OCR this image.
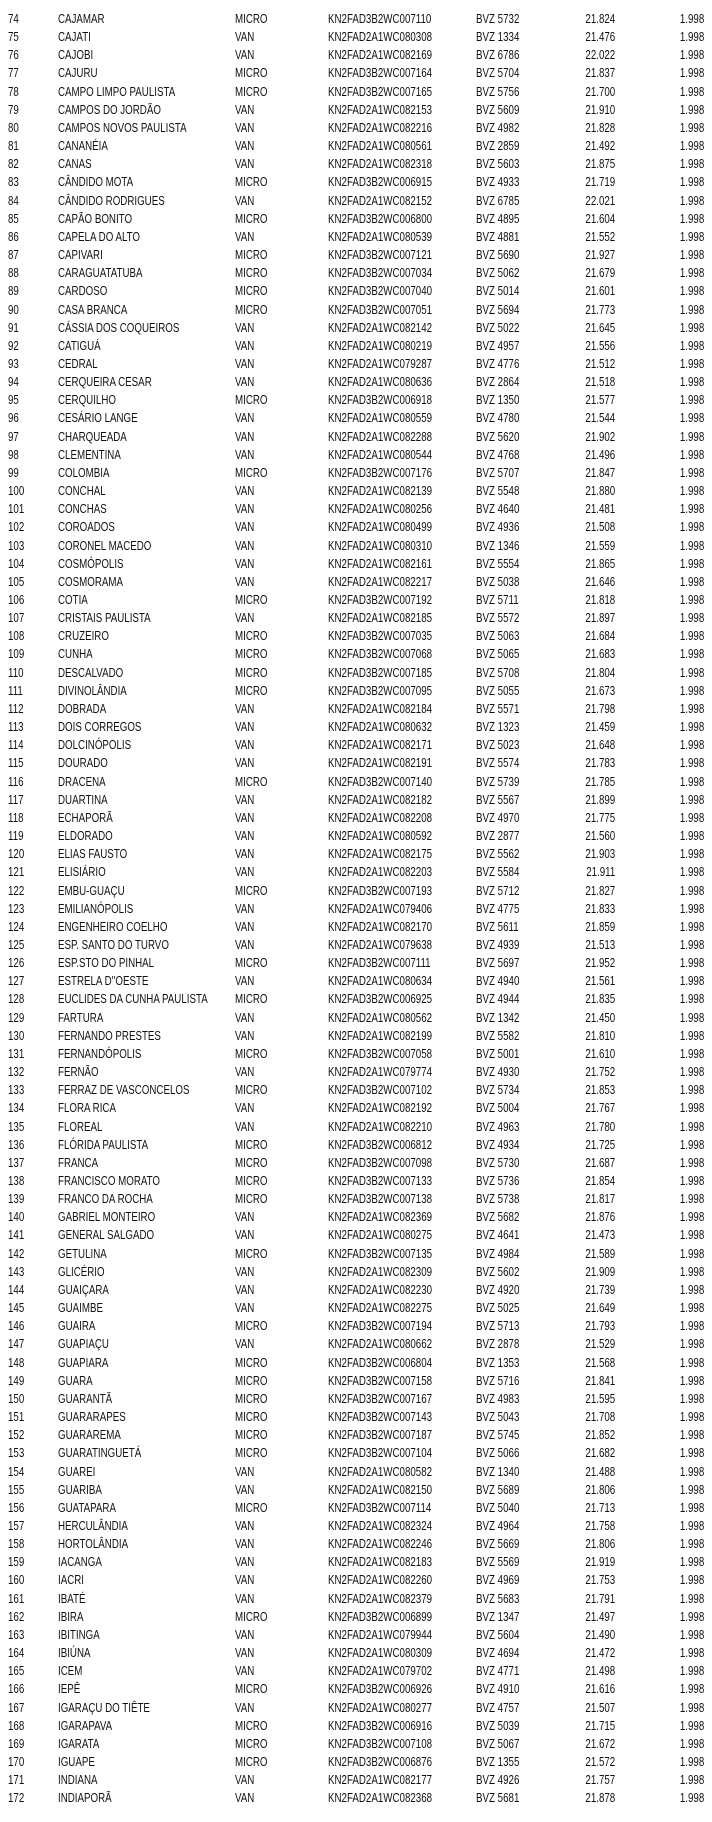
74	CAJAMAR	MICRO	KN2FAD3B2WC007110	BVZ 5732	21.824	1.998
75	CAJATI	VAN	KN2FAD2A1WC080308	BVZ 1334	21.476	1.998
76	CAJOBI	VAN	KN2FAD2A1WC082169	BVZ 6786	22.022	1.998
77	CAJURU	MICRO	KN2FAD3B2WC007164	BVZ 5704	21.837	1.998
78	CAMPO LIMPO PAULISTA	MICRO	KN2FAD3B2WC007165	BVZ 5756	21.700	1.998
79	CAMPOS DO JORDÃO	VAN	KN2FAD2A1WC082153	BVZ 5609	21.910	1.998
80	CAMPOS NOVOS PAULISTA	VAN	KN2FAD2A1WC082216	BVZ 4982	21.828	1.998
81	CANANÉIA	VAN	KN2FAD2A1WC080561	BVZ 2859	21.492	1.998
82	CANAS	VAN	KN2FAD2A1WC082318	BVZ 5603	21.875	1.998
83	CÂNDIDO MOTA	MICRO	KN2FAD3B2WC006915	BVZ 4933	21.719	1.998
84	CÂNDIDO RODRIGUES	VAN	KN2FAD2A1WC082152	BVZ 6785	22.021	1.998
85	CAPÃO BONITO	MICRO	KN2FAD3B2WC006800	BVZ 4895	21.604	1.998
86	CAPELA DO ALTO	VAN	KN2FAD2A1WC080539	BVZ 4881	21.552	1.998
87	CAPIVARI	MICRO	KN2FAD3B2WC007121	BVZ 5690	21.927	1.998
88	CARAGUATATUBA	MICRO	KN2FAD3B2WC007034	BVZ 5062	21.679	1.998
89	CARDOSO	MICRO	KN2FAD3B2WC007040	BVZ 5014	21.601	1.998
90	CASA BRANCA	MICRO	KN2FAD3B2WC007051	BVZ 5694	21.773	1.998
91	CÁSSIA DOS COQUEIROS	VAN	KN2FAD2A1WC082142	BVZ 5022	21.645	1.998
92	CATIGUÁ	VAN	KN2FAD2A1WC080219	BVZ 4957	21.556	1.998
93	CEDRAL	VAN	KN2FAD2A1WC079287	BVZ 4776	21.512	1.998
94	CERQUEIRA CESAR	VAN	KN2FAD2A1WC080636	BVZ 2864	21.518	1.998
95	CERQUILHO	MICRO	KN2FAD3B2WC006918	BVZ 1350	21.577	1.998
96	CESÁRIO LANGE	VAN	KN2FAD2A1WC080559	BVZ 4780	21.544	1.998
97	CHARQUEADA	VAN	KN2FAD2A1WC082288	BVZ 5620	21.902	1.998
98	CLEMENTINA	VAN	KN2FAD2A1WC080544	BVZ 4768	21.496	1.998
99	COLOMBIA	MICRO	KN2FAD3B2WC007176	BVZ 5707	21.847	1.998
100	CONCHAL	VAN	KN2FAD2A1WC082139	BVZ 5548	21.880	1.998
101	CONCHAS	VAN	KN2FAD2A1WC080256	BVZ 4640	21.481	1.998
102	COROADOS	VAN	KN2FAD2A1WC080499	BVZ 4936	21.508	1.998
103	CORONEL MACEDO	VAN	KN2FAD2A1WC080310	BVZ 1346	21.559	1.998
104	COSMÓPOLIS	VAN	KN2FAD2A1WC082161	BVZ 5554	21.865	1.998
105	COSMORAMA	VAN	KN2FAD2A1WC082217	BVZ 5038	21.646	1.998
106	COTIA	MICRO	KN2FAD3B2WC007192	BVZ 5711	21.818	1.998
107	CRISTAIS PAULISTA	VAN	KN2FAD2A1WC082185	BVZ 5572	21.897	1.998
108	CRUZEIRO	MICRO	KN2FAD3B2WC007035	BVZ 5063	21.684	1.998
109	CUNHA	MICRO	KN2FAD3B2WC007068	BVZ 5065	21.683	1.998
110	DESCALVADO	MICRO	KN2FAD3B2WC007185	BVZ 5708	21.804	1.998
111	DIVINOLÂNDIA	MICRO	KN2FAD3B2WC007095	BVZ 5055	21.673	1.998
112	DOBRADA	VAN	KN2FAD2A1WC082184	BVZ 5571	21.798	1.998
113	DOIS CORREGOS	VAN	KN2FAD2A1WC080632	BVZ 1323	21.459	1.998
114	DOLCINÓPOLIS	VAN	KN2FAD2A1WC082171	BVZ 5023	21.648	1.998
115	DOURADO	VAN	KN2FAD2A1WC082191	BVZ 5574	21.783	1.998
116	DRACENA	MICRO	KN2FAD3B2WC007140	BVZ 5739	21.785	1.998
117	DUARTINA	VAN	KN2FAD2A1WC082182	BVZ 5567	21.899	1.998
118	ECHAPORÃ	VAN	KN2FAD2A1WC082208	BVZ 4970	21.775	1.998
119	ELDORADO	VAN	KN2FAD2A1WC080592	BVZ 2877	21.560	1.998
120	ELIAS FAUSTO	VAN	KN2FAD2A1WC082175	BVZ 5562	21.903	1.998
121	ELISIÁRIO	VAN	KN2FAD2A1WC082203	BVZ 5584	21.911	1.998
122	EMBU-GUAÇU	MICRO	KN2FAD3B2WC007193	BVZ 5712	21.827	1.998
123	EMILIANÓPOLIS	VAN	KN2FAD2A1WC079406	BVZ 4775	21.833	1.998
124	ENGENHEIRO COELHO	VAN	KN2FAD2A1WC082170	BVZ 5611	21.859	1.998
125	ESP. SANTO DO TURVO	VAN	KN2FAD2A1WC079638	BVZ 4939	21.513	1.998
126	ESP.STO DO PINHAL	MICRO	KN2FAD3B2WC007111	BVZ 5697	21.952	1.998
127	ESTRELA D''OESTE	VAN	KN2FAD2A1WC080634	BVZ 4940	21.561	1.998
128	EUCLIDES DA CUNHA PAULISTA	MICRO	KN2FAD3B2WC006925	BVZ 4944	21.835	1.998
129	FARTURA	VAN	KN2FAD2A1WC080562	BVZ 1342	21.450	1.998
130	FERNANDO PRESTES	VAN	KN2FAD2A1WC082199	BVZ 5582	21.810	1.998
131	FERNANDÓPOLIS	MICRO	KN2FAD3B2WC007058	BVZ 5001	21.610	1.998
132	FERNÃO	VAN	KN2FAD2A1WC079774	BVZ 4930	21.752	1.998
133	FERRAZ DE VASCONCELOS	MICRO	KN2FAD3B2WC007102	BVZ 5734	21.853	1.998
134	FLORA RICA	VAN	KN2FAD2A1WC082192	BVZ 5004	21.767	1.998
135	FLOREAL	VAN	KN2FAD2A1WC082210	BVZ 4963	21.780	1.998
136	FLÓRIDA PAULISTA	MICRO	KN2FAD3B2WC006812	BVZ 4934	21.725	1.998
137	FRANCA	MICRO	KN2FAD3B2WC007098	BVZ 5730	21.687	1.998
138	FRANCISCO MORATO	MICRO	KN2FAD3B2WC007133	BVZ 5736	21.854	1.998
139	FRANCO DA ROCHA	MICRO	KN2FAD3B2WC007138	BVZ 5738	21.817	1.998
140	GABRIEL MONTEIRO	VAN	KN2FAD2A1WC082369	BVZ 5682	21.876	1.998
141	GENERAL SALGADO	VAN	KN2FAD2A1WC080275	BVZ 4641	21.473	1.998
142	GETULINA	MICRO	KN2FAD3B2WC007135	BVZ 4984	21.589	1.998
143	GLICÉRIO	VAN	KN2FAD2A1WC082309	BVZ 5602	21.909	1.998
144	GUAIÇARA	VAN	KN2FAD2A1WC082230	BVZ 4920	21.739	1.998
145	GUAIMBE	VAN	KN2FAD2A1WC082275	BVZ 5025	21.649	1.998
146	GUAIRA	MICRO	KN2FAD3B2WC007194	BVZ 5713	21.793	1.998
147	GUAPIAÇU	VAN	KN2FAD2A1WC080662	BVZ 2878	21.529	1.998
148	GUAPIARA	MICRO	KN2FAD3B2WC006804	BVZ 1353	21.568	1.998
149	GUARA	MICRO	KN2FAD3B2WC007158	BVZ 5716	21.841	1.998
150	GUARANTÃ	MICRO	KN2FAD3B2WC007167	BVZ 4983	21.595	1.998
151	GUARARAPES	MICRO	KN2FAD3B2WC007143	BVZ 5043	21.708	1.998
152	GUARAREMA	MICRO	KN2FAD3B2WC007187	BVZ 5745	21.852	1.998
153	GUARATINGUETÁ	MICRO	KN2FAD3B2WC007104	BVZ 5066	21.682	1.998
154	GUAREI	VAN	KN2FAD2A1WC080582	BVZ 1340	21.488	1.998
155	GUARIBA	VAN	KN2FAD2A1WC082150	BVZ 5689	21.806	1.998
156	GUATAPARA	MICRO	KN2FAD3B2WC007114	BVZ 5040	21.713	1.998
157	HERCULÂNDIA	VAN	KN2FAD2A1WC082324	BVZ 4964	21.758	1.998
158	HORTOLÂNDIA	VAN	KN2FAD2A1WC082246	BVZ 5669	21.806	1.998
159	IACANGA	VAN	KN2FAD2A1WC082183	BVZ 5569	21.919	1.998
160	IACRI	VAN	KN2FAD2A1WC082260	BVZ 4969	21.753	1.998
161	IBATÉ	VAN	KN2FAD2A1WC082379	BVZ 5683	21.791	1.998
162	IBIRA	MICRO	KN2FAD3B2WC006899	BVZ 1347	21.497	1.998
163	IBITINGA	VAN	KN2FAD2A1WC079944	BVZ 5604	21.490	1.998
164	IBIÚNA	VAN	KN2FAD2A1WC080309	BVZ 4694	21.472	1.998
165	ICEM	VAN	KN2FAD2A1WC079702	BVZ 4771	21.498	1.998
166	IEPÊ	MICRO	KN2FAD3B2WC006926	BVZ 4910	21.616	1.998
167	IGARAÇU DO TIÊTE	VAN	KN2FAD2A1WC080277	BVZ 4757	21.507	1.998
168	IGARAPAVA	MICRO	KN2FAD3B2WC006916	BVZ 5039	21.715	1.998
169	IGARATA	MICRO	KN2FAD3B2WC007108	BVZ 5067	21.672	1.998
170	IGUAPE	MICRO	KN2FAD3B2WC006876	BVZ 1355	21.572	1.998
171	INDIANA	VAN	KN2FAD2A1WC082177	BVZ 4926	21.757	1.998
172	INDIAPORÃ	VAN	KN2FAD2A1WC082368	BVZ 5681	21.878	1.998
